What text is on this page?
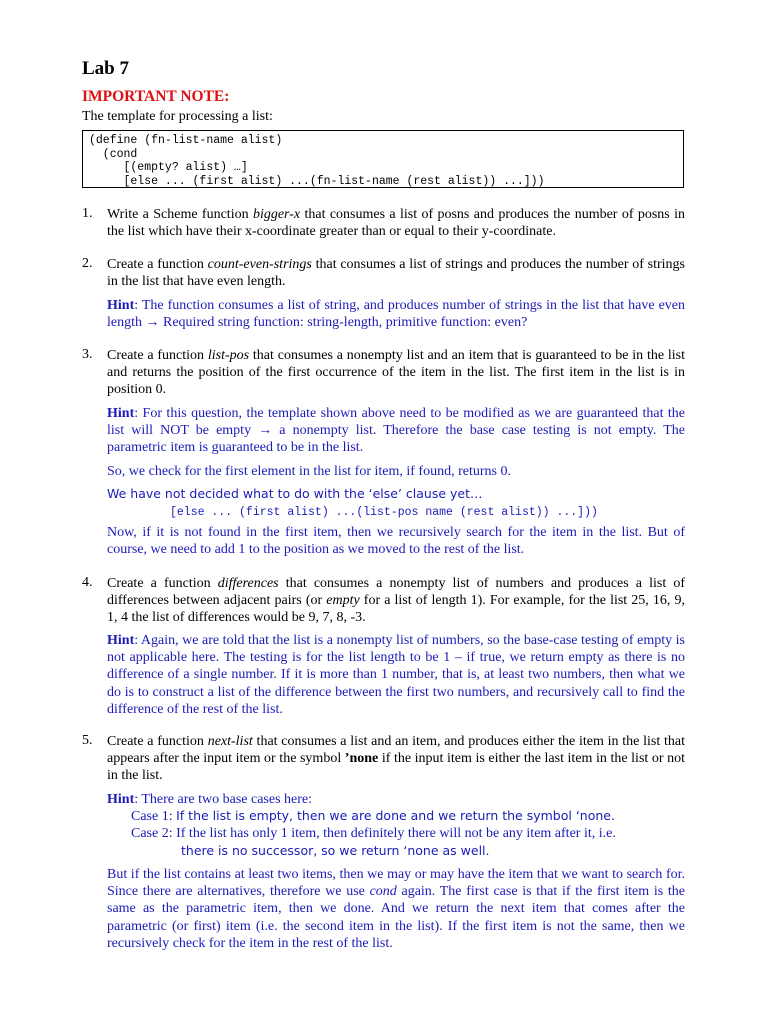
Lab 7
IMPORTANT NOTE:
The template for processing a list:
(define (fn-list-name alist)
(cond
[(empty? alist) …]
[else ... (first alist) ...(fn-list-name (rest alist)) ...]))
1. Write a Scheme function bigger-x that consumes a list of posns and produces the number of posns in the list which have their x-coordinate greater than or equal to their y-coordinate.
2. Create a function count-even-strings that consumes a list of strings and produces the number of strings in the list that have even length.
Hint: The function consumes a list of string, and produces number of strings in the list that have even length → Required string function: string-length, primitive function: even?
3. Create a function list-pos that consumes a nonempty list and an item that is guaranteed to be in the list and returns the position of the first occurrence of the item in the list. The first item in the list is in position 0.
Hint: For this question, the template shown above need to be modified as we are guaranteed that the list will NOT be empty → a nonempty list. Therefore the base case testing is not empty. The parametric item is guaranteed to be in the list.
So, we check for the first element in the list for item, if found, returns 0.
We have not decided what to do with the ‘else’ clause yet…
[else ... (first alist) ...(list-pos name (rest alist)) ...]))
Now, if it is not found in the first item, then we recursively search for the item in the list. But of course, we need to add 1 to the position as we moved to the rest of the list.
4. Create a function differences that consumes a nonempty list of numbers and produces a list of differences between adjacent pairs (or empty for a list of length 1). For example, for the list 25, 16, 9, 1, 4 the list of differences would be 9, 7, 8, -3.
Hint: Again, we are told that the list is a nonempty list of numbers, so the base-case testing of empty is not applicable here. The testing is for the list length to be 1 – if true, we return empty as there is no difference of a single number. If it is more than 1 number, that is, at least two numbers, then what we do is to construct a list of the difference between the first two numbers, and recursively call to find the difference of the rest of the list.
5. Create a function next-list that consumes a list and an item, and produces either the item in the list that appears after the input item or the symbol ’none if the input item is either the last item in the list or not in the list.
Hint: There are two base cases here:
Case 1: If the list is empty, then we are done and we return the symbol ‘none.
Case 2: If the list has only 1 item, then definitely there will not be any item after it, i.e.
there is no successor, so we return ‘none as well.
But if the list contains at least two items, then we may or may have the item that we want to search for. Since there are alternatives, therefore we use cond again. The first case is that if the first item is the same as the parametric item, then we done. And we return the next item that comes after the parametric (or first) item (i.e. the second item in the list). If the first item is not the same, then we recursively check for the item in the rest of the list.
